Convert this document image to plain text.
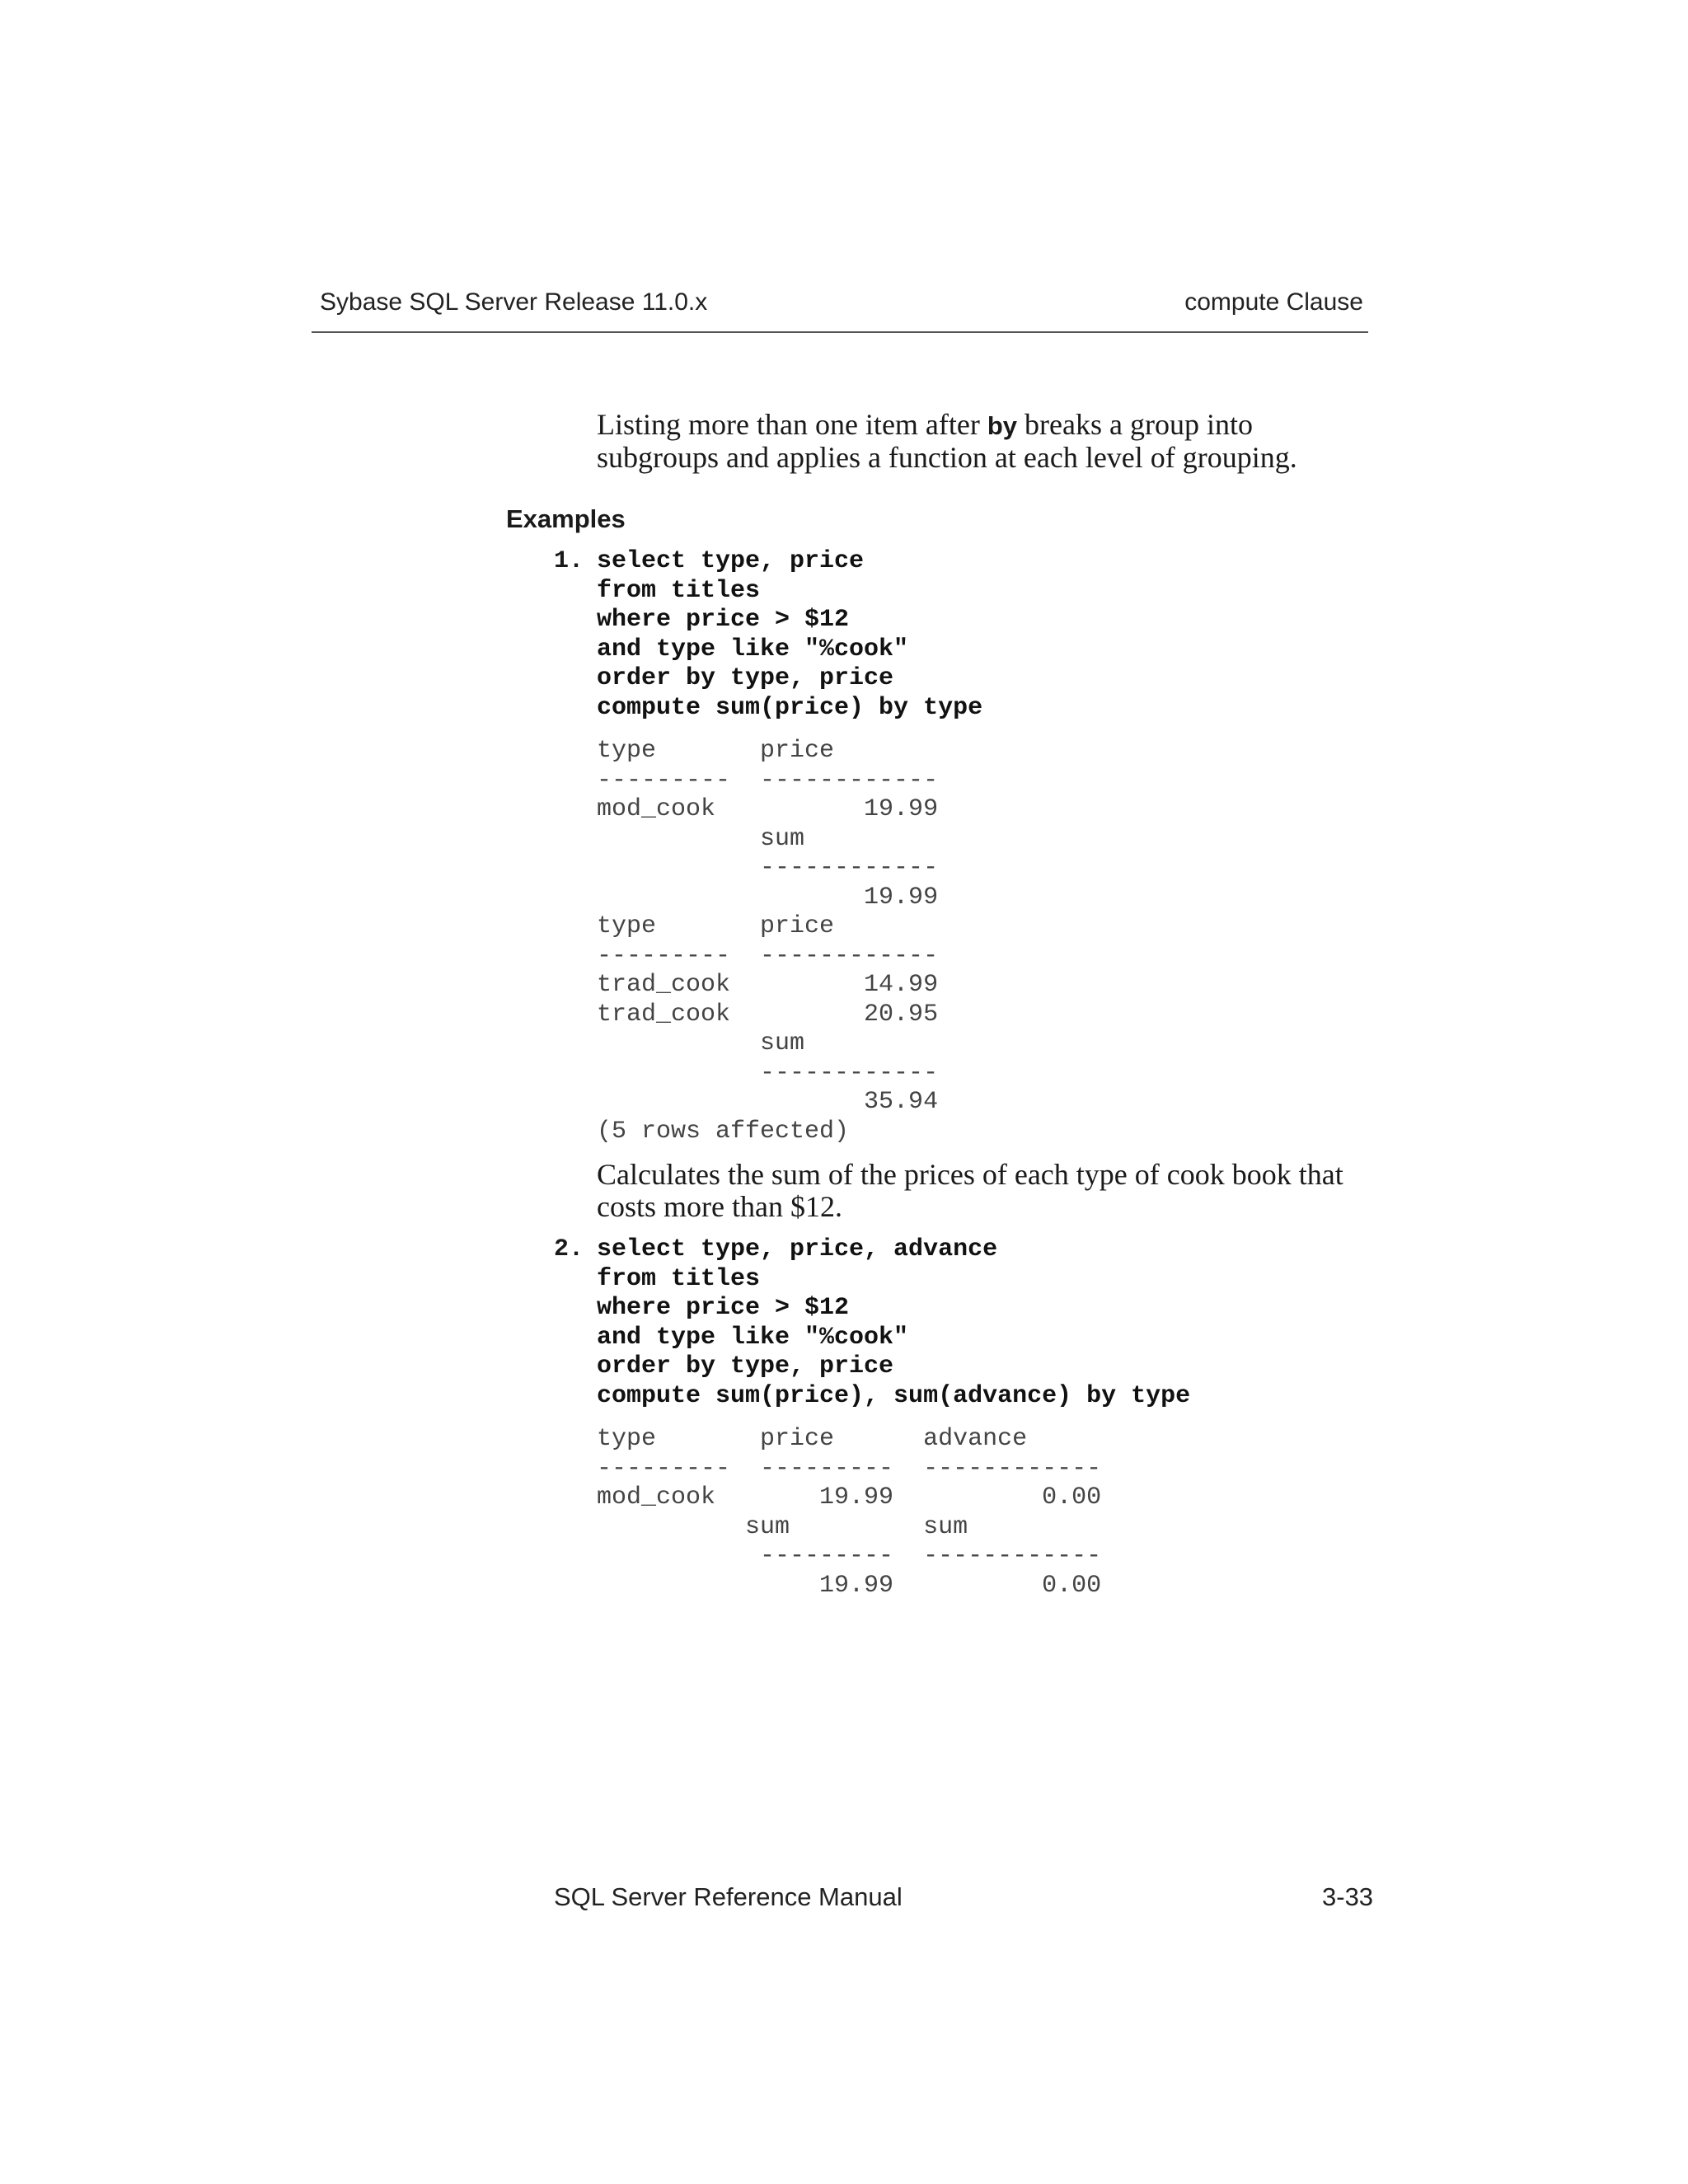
Sybase SQL Server Release 11.0.x	compute Clause

Listing more than one item after by breaks a group into subgroups and applies a function at each level of grouping.

Examples
1. select type, price
from titles
where price > $12
and type like "%cook"
order by type, price
compute sum(price) by type
type       price
---------  ------------
mod_cook          19.99
sum
------------
19.99
type       price
---------  ------------
trad_cook         14.99
trad_cook         20.95
sum
------------
35.94
(5 rows affected)

Calculates the sum of the prices of each type of cook book that costs more than $12.

2. select type, price, advance
from titles
where price > $12
and type like "%cook"
order by type, price
compute sum(price), sum(advance) by type
type       price      advance
---------  ---------  ------------
mod_cook       19.99          0.00
sum         sum
---------  ------------
19.99          0.00
SQL Server Reference Manual	3-33
